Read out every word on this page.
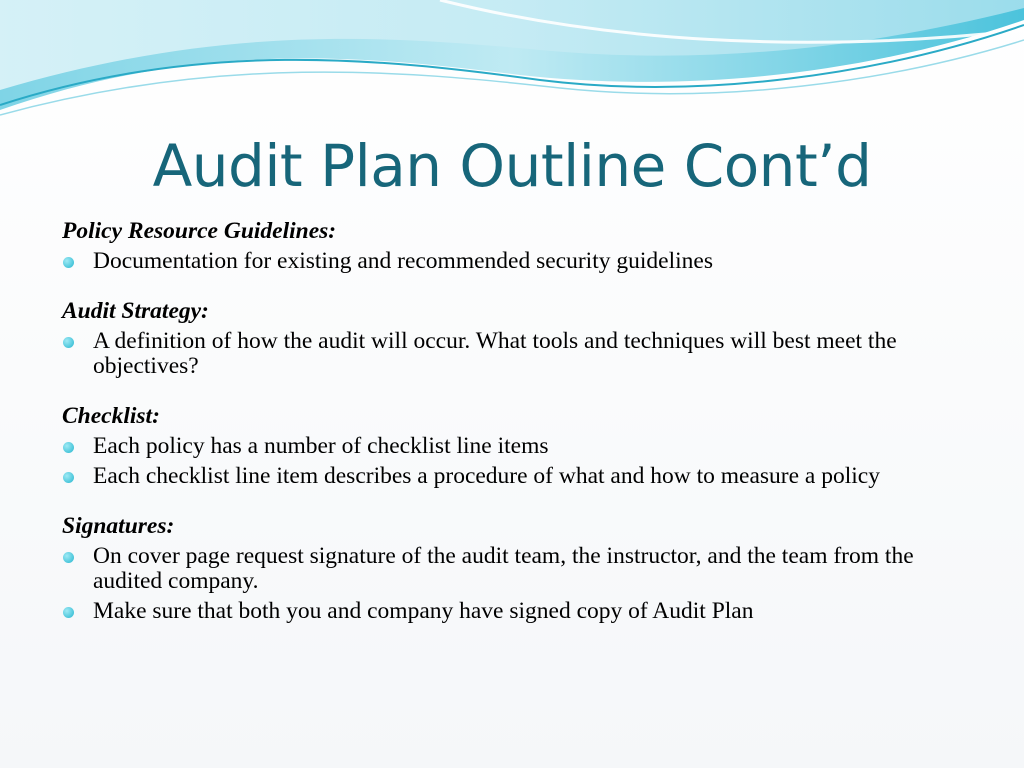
Audit Plan Outline Cont’d

Policy Resource Guidelines:

Documentation for existing and recommended security guidelines

Audit Strategy:

A definition of how the audit will occur. What tools and techniques will best meet the objectives?

Checklist:

Each policy has a number of checklist line items
Each checklist line item describes a procedure of what and how to measure a policy

Signatures:

On cover page request signature of the audit team, the instructor, and the team from the audited company.
Make sure that both you and company have signed copy of Audit Plan
